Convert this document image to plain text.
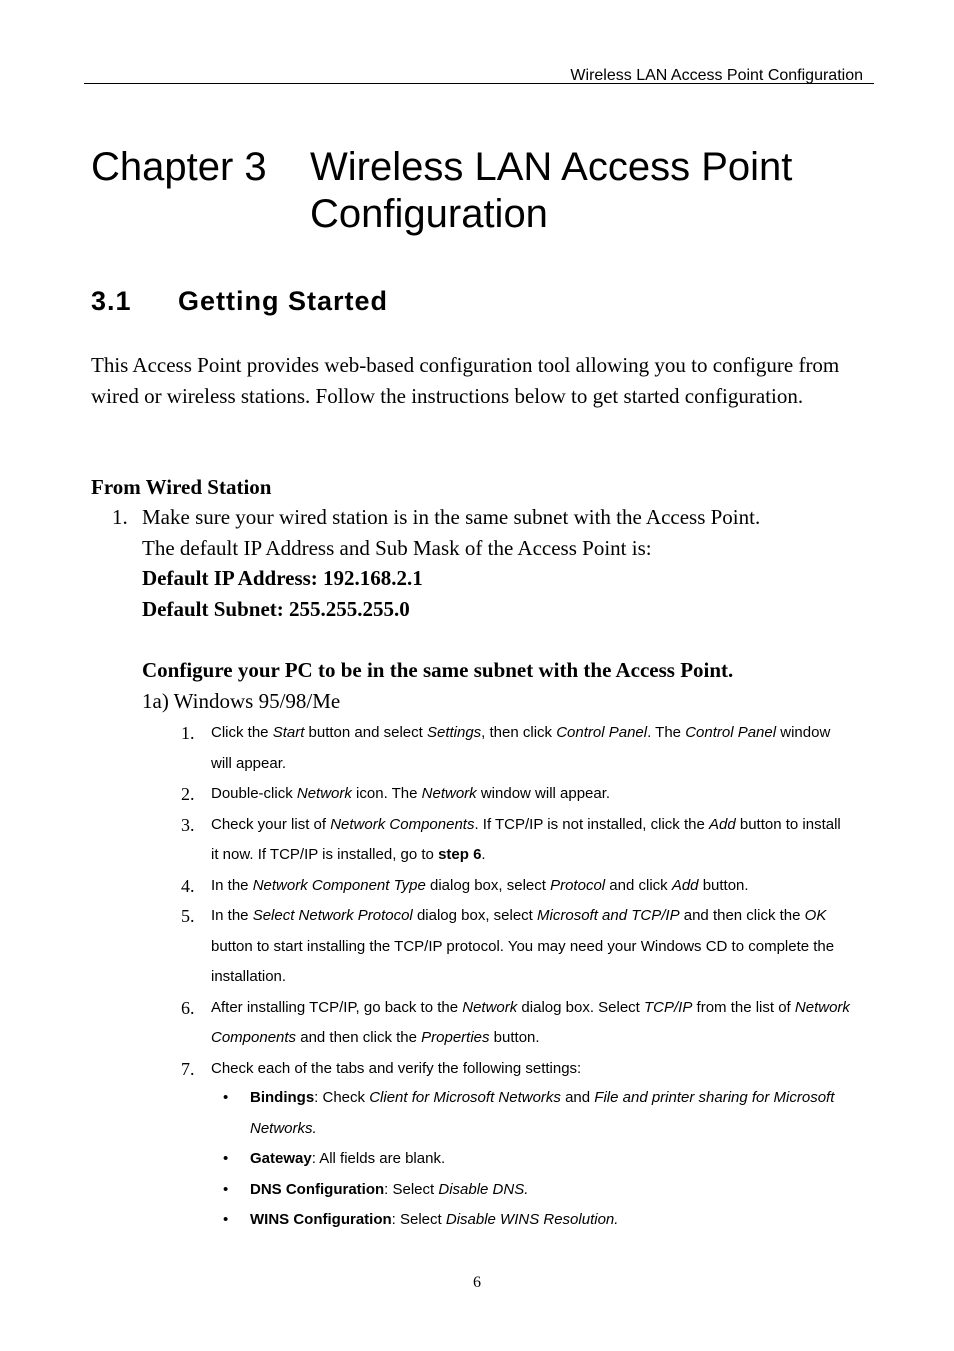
Wireless LAN Access Point Configuration
Chapter 3 Wireless LAN Access Point Configuration
3.1 Getting Started

This Access Point provides web-based configuration tool allowing you to configure from wired or wireless stations. Follow the instructions below to get started configuration.

From Wired Station
1. Make sure your wired station is in the same subnet with the Access Point.
The default IP Address and Sub Mask of the Access Point is:
Default IP Address: 192.168.2.1
Default Subnet: 255.255.255.0
Configure your PC to be in the same subnet with the Access Point.
1a) Windows 95/98/Me
1. Click the Start button and select Settings, then click Control Panel. The Control Panel window will appear.
2. Double-click Network icon. The Network window will appear.
3. Check your list of Network Components. If TCP/IP is not installed, click the Add button to install it now. If TCP/IP is installed, go to step 6.
4. In the Network Component Type dialog box, select Protocol and click Add button.
5. In the Select Network Protocol dialog box, select Microsoft and TCP/IP and then click the OK button to start installing the TCP/IP protocol. You may need your Windows CD to complete the installation.
6. After installing TCP/IP, go back to the Network dialog box. Select TCP/IP from the list of Network Components and then click the Properties button.
7. Check each of the tabs and verify the following settings:
• Bindings: Check Client for Microsoft Networks and File and printer sharing for Microsoft Networks.
• Gateway: All fields are blank.
• DNS Configuration: Select Disable DNS.
• WINS Configuration: Select Disable WINS Resolution.
6
